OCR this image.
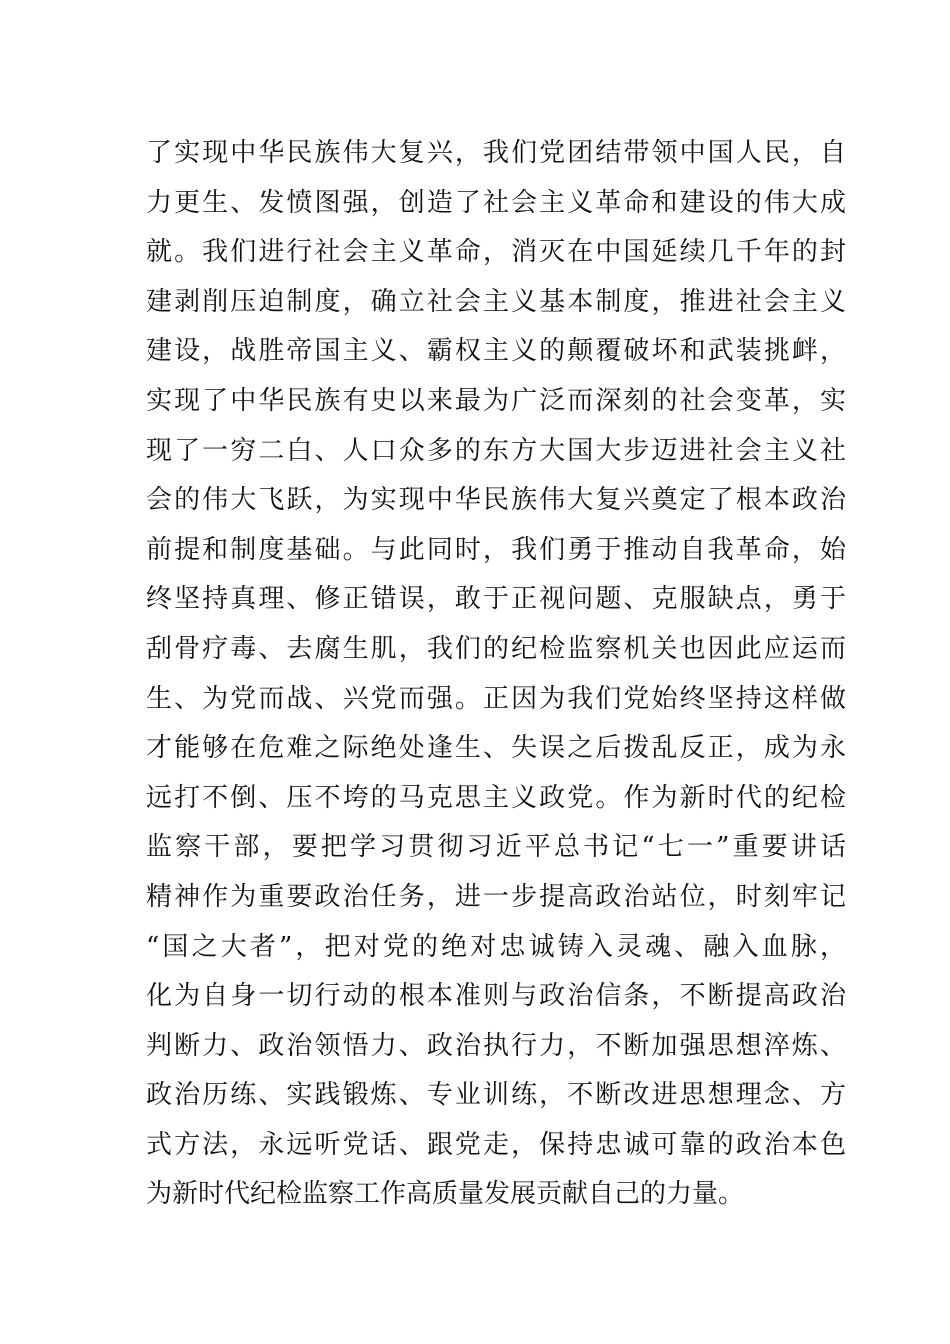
了实现中华民族伟大复兴，我们党团结带领中国人民，自
力更生、发愤图强，创造了社会主义革命和建设的伟大成
就。我们进行社会主义革命，消灭在中国延续几千年的封
建剥削压迫制度，确立社会主义基本制度，推进社会主义
建设，战胜帝国主义、霸权主义的颠覆破坏和武装挑衅，
实现了中华民族有史以来最为广泛而深刻的社会变革，实
现了一穷二白、人口众多的东方大国大步迈进社会主义社
会的伟大飞跃，为实现中华民族伟大复兴奠定了根本政治
前提和制度基础。与此同时，我们勇于推动自我革命，始
终坚持真理、修正错误，敢于正视问题、克服缺点，勇于
刮骨疗毒、去腐生肌，我们的纪检监察机关也因此应运而
生、为党而战、兴党而强。正因为我们党始终坚持这样做
才能够在危难之际绝处逢生、失误之后拨乱反正，成为永
远打不倒、压不垮的马克思主义政党。作为新时代的纪检
监察干部，要把学习贯彻习近平总书记“七一”重要讲话
精神作为重要政治任务，进一步提高政治站位，时刻牢记
“国之大者”，把对党的绝对忠诚铸入灵魂、融入血脉，
化为自身一切行动的根本准则与政治信条，不断提高政治
判断力、政治领悟力、政治执行力，不断加强思想淬炼、
政治历练、实践锻炼、专业训练，不断改进思想理念、方
式方法，永远听党话、跟党走，保持忠诚可靠的政治本色
为新时代纪检监察工作高质量发展贡献自己的力量。
